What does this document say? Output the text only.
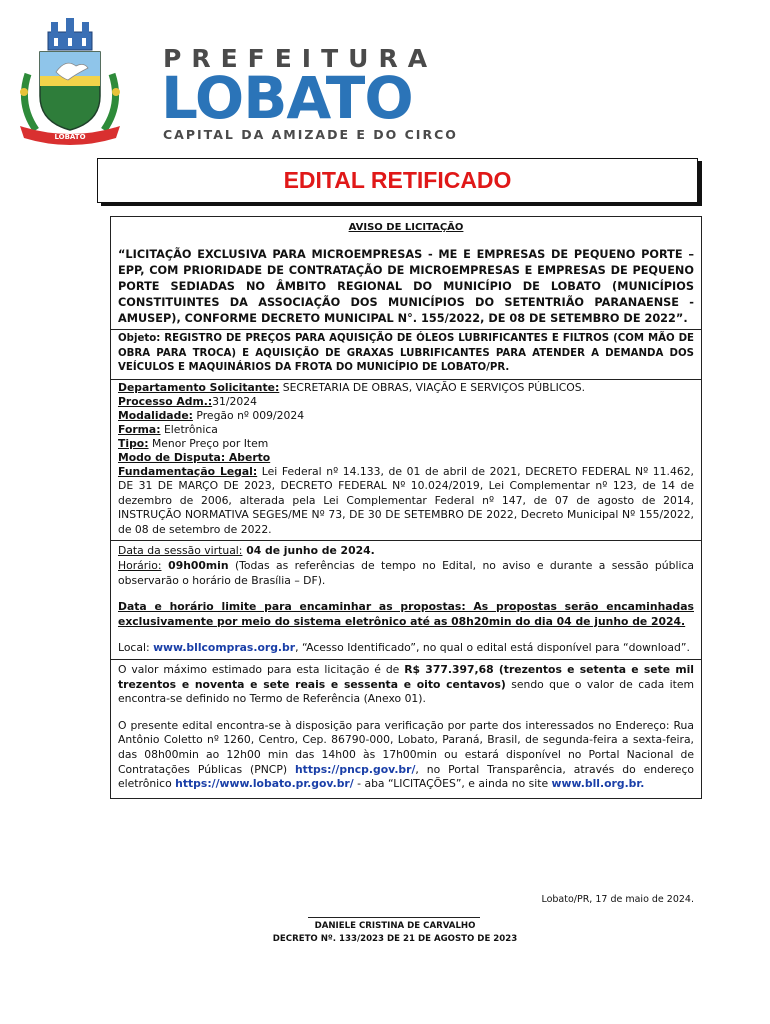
LOBATO
PREFEITURA
LOBATO
CAPITAL DA AMIZADE E DO CIRCO
EDITAL RETIFICADO
AVISO DE LICITAÇÃO
“LICITAÇÃO EXCLUSIVA PARA MICROEMPRESAS - ME E EMPRESAS DE PEQUENO PORTE – EPP, COM PRIORIDADE DE CONTRATAÇÃO DE MICROEMPRESAS E EMPRESAS DE PEQUENO PORTE SEDIADAS NO ÂMBITO REGIONAL DO MUNICÍPIO DE LOBATO (MUNICÍPIOS CONSTITUINTES DA ASSOCIAÇÃO DOS MUNICÍPIOS DO SETENTRIÃO PARANAENSE - AMUSEP), CONFORME DECRETO MUNICIPAL N°. 155/2022, DE 08 DE SETEMBRO DE 2022”.
Objeto: REGISTRO DE PREÇOS PARA AQUISIÇÃO DE ÓLEOS LUBRIFICANTES E FILTROS (COM MÃO DE OBRA PARA TROCA) E AQUISIÇÃO DE GRAXAS LUBRIFICANTES PARA ATENDER A DEMANDA DOS VEÍCULOS E MAQUINÁRIOS DA FROTA DO MUNICÍPIO DE LOBATO/PR.
Departamento Solicitante: SECRETARIA DE OBRAS, VIAÇÃO E SERVIÇOS PÚBLICOS.
Processo Adm.:31/2024
Modalidade: Pregão nº 009/2024
Forma: Eletrônica
Tipo: Menor Preço por Item
Modo de Disputa: Aberto
Fundamentação Legal: Lei Federal nº 14.133, de 01 de abril de 2021, DECRETO FEDERAL Nº 11.462, DE 31 DE MARÇO DE 2023, DECRETO FEDERAL Nº 10.024/2019, Lei Complementar nº 123, de 14 de dezembro de 2006, alterada pela Lei Complementar Federal nº 147, de 07 de agosto de 2014, INSTRUÇÃO NORMATIVA SEGES/ME Nº 73, DE 30 DE SETEMBRO DE 2022, Decreto Municipal Nº 155/2022, de 08 de setembro de 2022.
Data da sessão virtual: 04 de junho de 2024.
Horário: 09h00min (Todas as referências de tempo no Edital, no aviso e durante a sessão pública observarão o horário de Brasília – DF).
Data e horário limite para encaminhar as propostas: As propostas serão encaminhadas exclusivamente por meio do sistema eletrônico até as 08h20min do dia 04 de junho de 2024.
Local: www.bllcompras.org.br, “Acesso Identificado”, no qual o edital está disponível para “download”.
O valor máximo estimado para esta licitação é de R$ 377.397,68 (trezentos e setenta e sete mil trezentos e noventa e sete reais e sessenta e oito centavos) sendo que o valor de cada item encontra-se definido no Termo de Referência (Anexo 01).
O presente edital encontra-se à disposição para verificação por parte dos interessados no Endereço: Rua Antônio Coletto nº 1260, Centro, Cep. 86790-000, Lobato, Paraná, Brasil, de segunda-feira a sexta-feira, das 08h00min ao 12h00 min das 14h00 às 17h00min ou estará disponível no Portal Nacional de Contratações Públicas (PNCP) https://pncp.gov.br/, no Portal Transparência, através do endereço eletrônico https://www.lobato.pr.gov.br/ - aba “LICITAÇÕES”, e ainda no site www.bll.org.br.
Lobato/PR, 17 de maio de 2024.
DANIELE CRISTINA DE CARVALHO
DECRETO Nº. 133/2023 DE 21 DE AGOSTO DE 2023
